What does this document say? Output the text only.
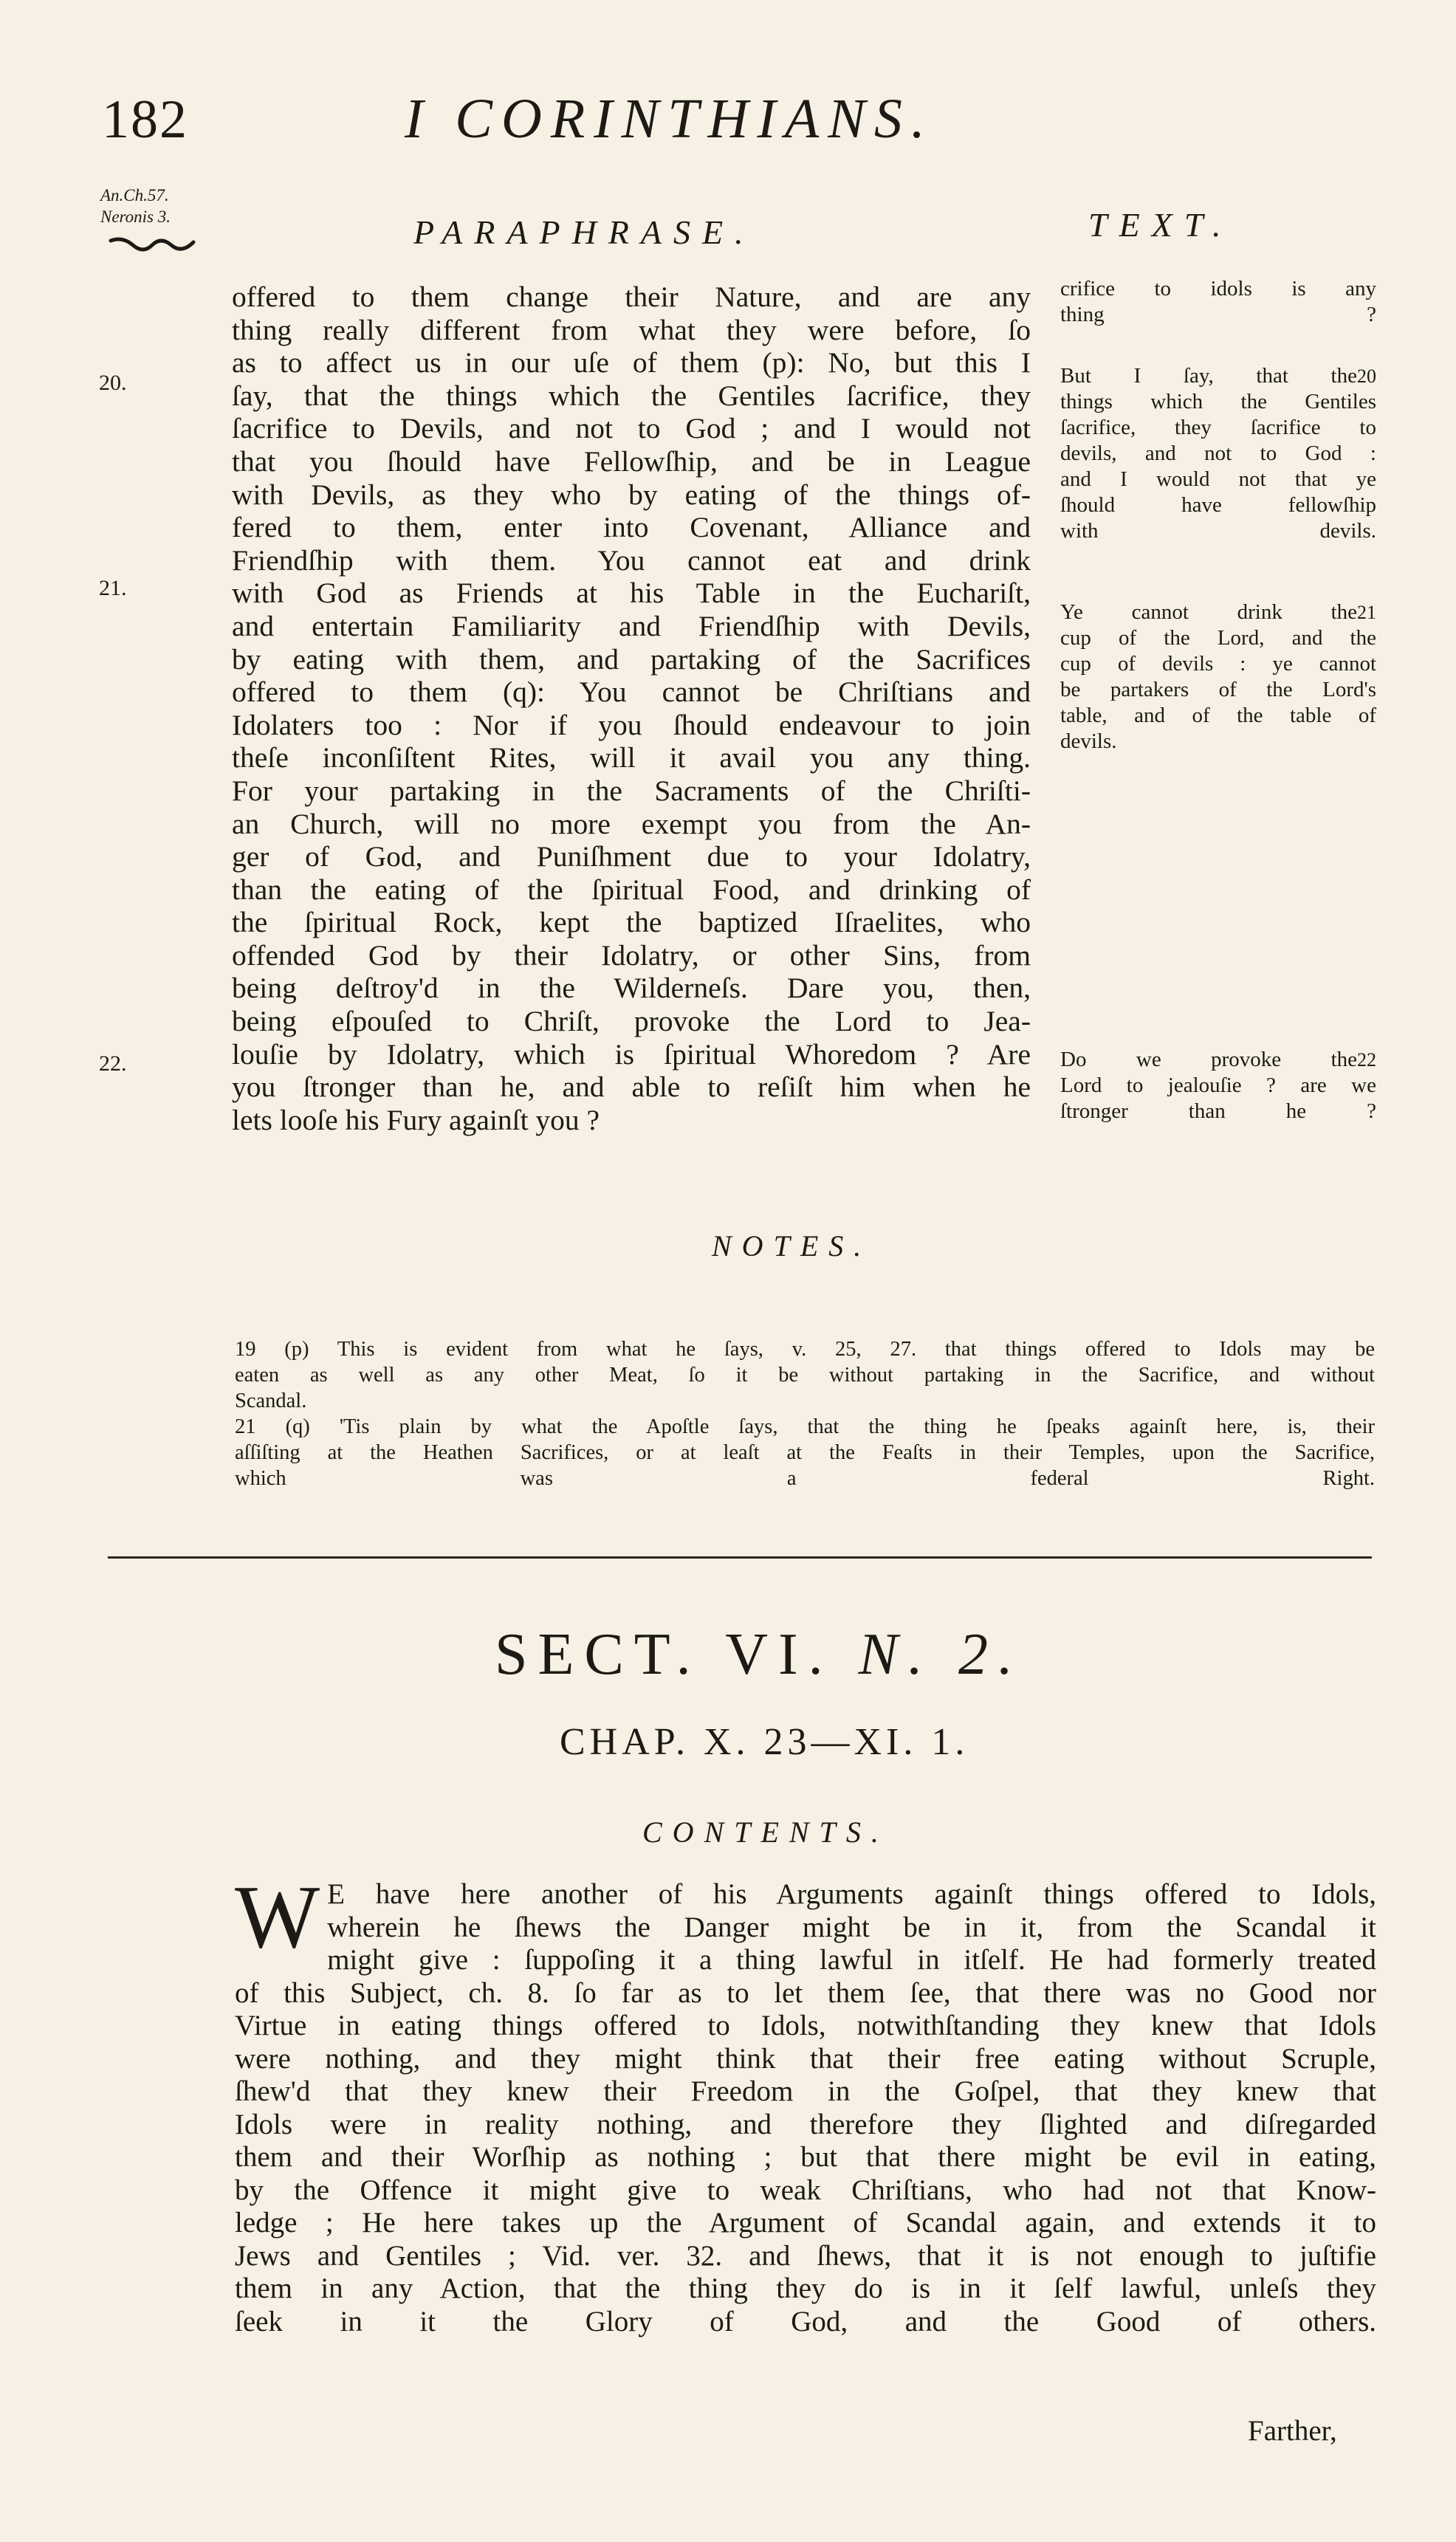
182	I CORINTHIANS.
An.Ch.57.
Neronis 3.	PARAPHRASE.	TEXT.
offered to them change their Nature, and are any
thing really different from what they were before, ſo
as to affect us in our uſe of them (p): No, but this I
ſay, that the things which the Gentiles ſacrifice, they
ſacrifice to Devils, and not to God ; and I would not
that you ſhould have Fellowſhip, and be in League
with Devils, as they who by eating of the things of-
fered to them, enter into Covenant, Alliance and
Friendſhip with them. You cannot eat and drink
with God as Friends at his Table in the Euchariſt,
and entertain Familiarity and Friendſhip with Devils,
by eating with them, and partaking of the Sacrifices
offered to them (q): You cannot be Chriſtians and
Idolaters too : Nor if you ſhould endeavour to join
theſe inconſiſtent Rites, will it avail you any thing.
For your partaking in the Sacraments of the Chriſti-
an Church, will no more exempt you from the An-
ger of God, and Puniſhment due to your Idolatry,
than the eating of the ſpiritual Food, and drinking of
the ſpiritual Rock, kept the baptized Iſraelites, who
offended God by their Idolatry, or other Sins, from
being deſtroy'd in the Wilderneſs. Dare you, then,
being eſpouſed to Chriſt, provoke the Lord to Jea-
louſie by Idolatry, which is ſpiritual Whoredom ? Are
you ſtronger than he, and able to reſiſt him when he
lets looſe his Fury againſt you ?
20.
21.
22.
crifice to idols is any
thing ?
But I ſay, that the20
things which the Gentiles
ſacrifice, they ſacrifice to
devils, and not to God :
and I would not that ye
ſhould have fellowſhip
with devils.
Ye cannot drink the21
cup of the Lord, and the
cup of devils : ye cannot
be partakers of the Lord's
table, and of the table of
devils.
Do we provoke the22
Lord to jealouſie ? are we
ſtronger than he ?
NOTES.
19 (p) This is evident from what he ſays, v. 25, 27. that things offered to Idols may be
eaten as well as any other Meat, ſo it be without partaking in the Sacrifice, and without
Scandal.
21 (q) 'Tis plain by what the Apoſtle ſays, that the thing he ſpeaks againſt here, is, their
aſſiſting at the Heathen Sacrifices, or at leaſt at the Feaſts in their Temples, upon the Sacrifice,
which was a federal Right.
SECT. VI. N. 2.
CHAP. X. 23—XI. 1.
CONTENTS.
W E have here another of his Arguments againſt things offered to Idols,
wherein he ſhews the Danger might be in it, from the Scandal it
might give : ſuppoſing it a thing lawful in itſelf. He had formerly treated
of this Subject, ch. 8. ſo far as to let them ſee, that there was no Good nor
Virtue in eating things offered to Idols, notwithſtanding they knew that Idols
were nothing, and they might think that their free eating without Scruple,
ſhew'd that they knew their Freedom in the Goſpel, that they knew that
Idols were in reality nothing, and therefore they ſlighted and diſregarded
them and their Worſhip as nothing ; but that there might be evil in eating,
by the Offence it might give to weak Chriſtians, who had not that Know-
ledge ; He here takes up the Argument of Scandal again, and extends it to
Jews and Gentiles ; Vid. ver. 32. and ſhews, that it is not enough to juſtifie
them in any Action, that the thing they do is in it ſelf lawful, unleſs they
ſeek in it the Glory of God, and the Good of others.
Farther,
